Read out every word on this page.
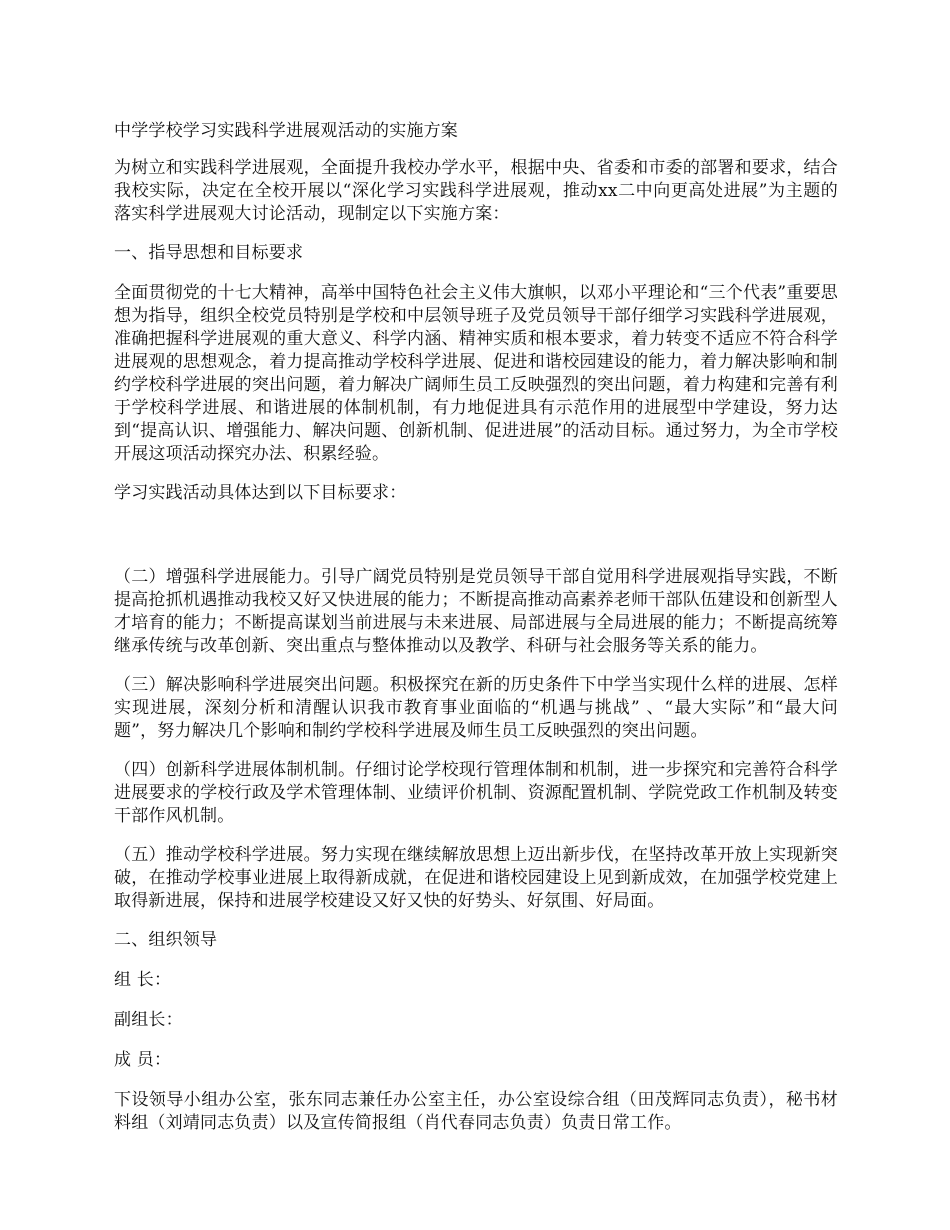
中学学校学习实践科学进展观活动的实施方案

为树立和实践科学进展观，全面提升我校办学水平，根据中央、省委和市委的部署和要求，结合我校实际，决定在全校开展以“深化学习实践科学进展观，推动xx二中向更高处进展”为主题的落实科学进展观大讨论活动，现制定以下实施方案：

一、指导思想和目标要求

全面贯彻党的十七大精神，高举中国特色社会主义伟大旗帜，以邓小平理论和“三个代表”重要思想为指导，组织全校党员特别是学校和中层领导班子及党员领导干部仔细学习实践科学进展观，准确把握科学进展观的重大意义、科学内涵、精神实质和根本要求，着力转变不适应不符合科学进展观的思想观念，着力提高推动学校科学进展、促进和谐校园建设的能力，着力解决影响和制约学校科学进展的突出问题，着力解决广阔师生员工反映强烈的突出问题，着力构建和完善有利于学校科学进展、和谐进展的体制机制，有力地促进具有示范作用的进展型中学建设，努力达到“提高认识、增强能力、解决问题、创新机制、促进进展”的活动目标。通过努力，为全市学校开展这项活动探究办法、积累经验。

学习实践活动具体达到以下目标要求：

（二）增强科学进展能力。引导广阔党员特别是党员领导干部自觉用科学进展观指导实践，不断提高抢抓机遇推动我校又好又快进展的能力；不断提高推动高素养老师干部队伍建设和创新型人才培育的能力；不断提高谋划当前进展与未来进展、局部进展与全局进展的能力；不断提高统筹继承传统与改革创新、突出重点与整体推动以及教学、科研与社会服务等关系的能力。

（三）解决影响科学进展突出问题。积极探究在新的历史条件下中学当实现什么样的进展、怎样实现进展，深刻分析和清醒认识我市教育事业面临的“机遇与挑战” 、“最大实际”和“最大问题”，努力解决几个影响和制约学校科学进展及师生员工反映强烈的突出问题。

（四）创新科学进展体制机制。仔细讨论学校现行管理体制和机制，进一步探究和完善符合科学进展要求的学校行政及学术管理体制、业绩评价机制、资源配置机制、学院党政工作机制及转变干部作风机制。

（五）推动学校科学进展。努力实现在继续解放思想上迈出新步伐，在坚持改革开放上实现新突破，在推动学校事业进展上取得新成就，在促进和谐校园建设上见到新成效，在加强学校党建上取得新进展，保持和进展学校建设又好又快的好势头、好氛围、好局面。

二、组织领导

组 长：

副组长：

成 员：

下设领导小组办公室，张东同志兼任办公室主任，办公室设综合组（田茂辉同志负责），秘书材料组（刘靖同志负责）以及宣传简报组（肖代春同志负责）负责日常工作。
